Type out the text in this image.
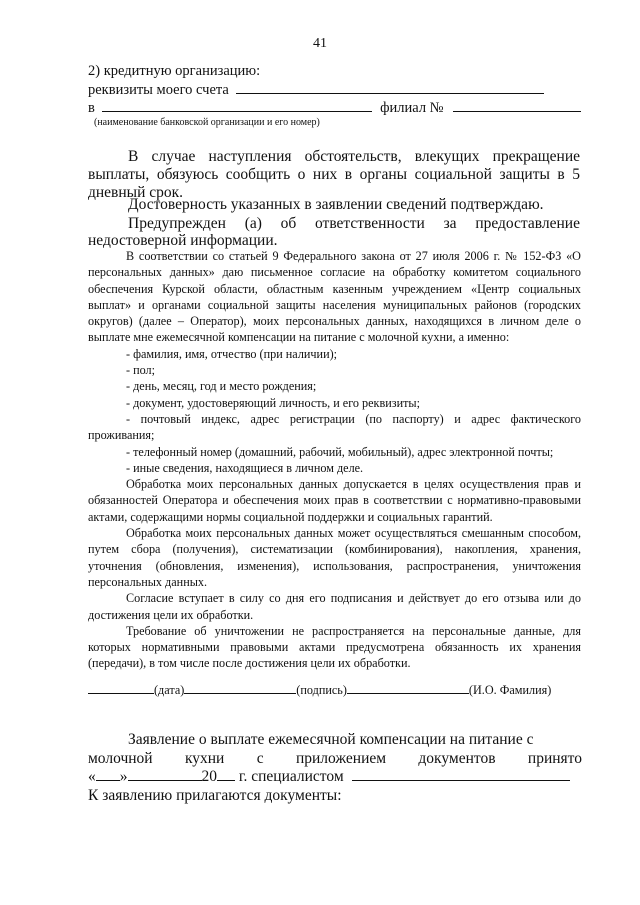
41
2) кредитную организацию:
реквизиты моего счета
в	филиал №
(наименование банковской организации и его номер)
В случае наступления обстоятельств, влекущих прекращение выплаты, обязуюсь сообщить о них в органы социальной защиты в 5 дневный срок.
Достоверность указанных в заявлении сведений подтверждаю.
Предупрежден (а) об ответственности за предоставление
недостоверной информации.

В соответствии со статьей 9 Федерального закона от 27 июля 2006 г. № 152-ФЗ «О персональных данных» даю письменное согласие на обработку комитетом социального обеспечения Курской области, областным казенным учреждением «Центр социальных выплат» и органами социальной защиты населения муниципальных районов (городских округов) (далее – Оператор), моих персональных данных, находящихся в личном деле о выплате мне ежемесячной компенсации на питание с молочной кухни, а именно:

- фамилия, имя, отчество (при наличии);

- пол;

- день, месяц, год и место рождения;

- документ, удостоверяющий личность, и его реквизиты;

- почтовый индекс, адрес регистрации (по паспорту) и адрес фактического проживания;

- телефонный номер (домашний, рабочий, мобильный), адрес электронной почты;

- иные сведения, находящиеся в личном деле.

Обработка моих персональных данных допускается в целях осуществления прав и обязанностей Оператора и обеспечения моих прав в соответствии с нормативно-правовыми актами, содержащими нормы социальной поддержки и социальных гарантий.

Обработка моих персональных данных может осуществляться смешанным способом, путем сбора (получения), систематизации (комбинирования), накопления, хранения, уточнения (обновления, изменения), использования, распространения, уничтожения персональных данных.

Согласие вступает в силу со дня его подписания и действует до его отзыва или до достижения цели их обработки.

Требование об уничтожении не распространяется на персональные данные, для которых нормативными правовыми актами предусмотрена обязанность их хранения (передачи), в том числе после достижения цели их обработки.

(дата)	(подпись)	(И.О. Фамилия)
Заявление о выплате ежемесячной компенсации на питание с
молочной кухни с приложением документов принято
« »	20 г. специалистом
К заявлению прилагаются документы:
